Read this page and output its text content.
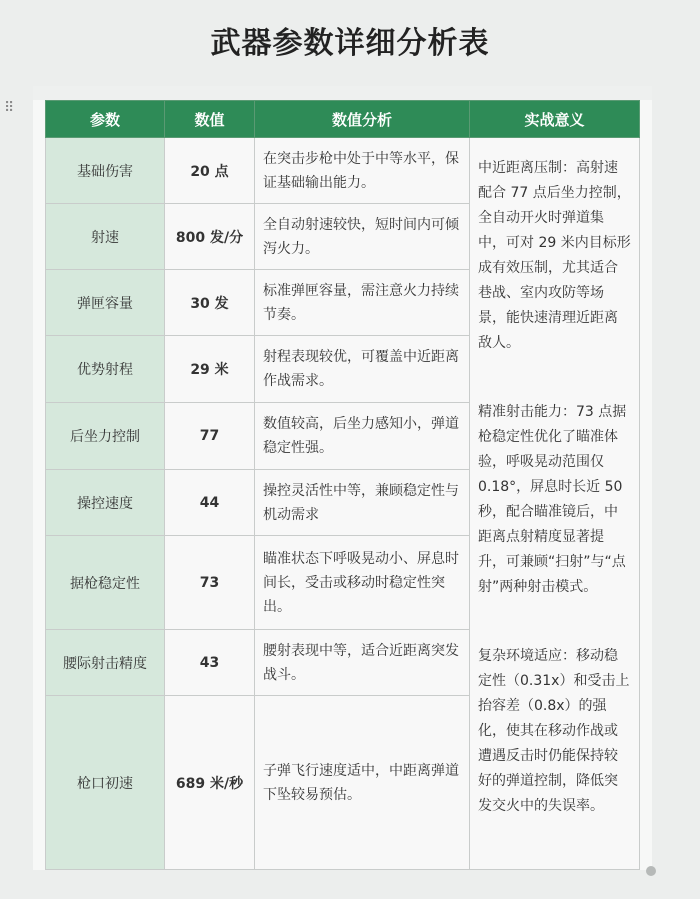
武器参数详细分析表
⠿
参数	数值	数值分析	实战意义
基础伤害	20 点	在突击步枪中处于中等水平，保证基础输出能力。	中近距离压制：高射速配合 77 点后坐力控制，全自动开火时弹道集中，可对 29 米内目标形成有效压制，尤其适合巷战、室内攻防等场景，能快速清理近距离敌人。

精准射击能力：73 点据枪稳定性优化了瞄准体验，呼吸晃动范围仅 0.18°，屏息时长近 50 秒，配合瞄准镜后，中距离点射精度显著提升，可兼顾“扫射”与“点射”两种射击模式。

复杂环境适应：移动稳定性（0.31x）和受击上抬容差（0.8x）的强化，使其在移动作战或遭遇反击时仍能保持较好的弹道控制，降低突发交火中的失误率。

射速	800 发/分	全自动射速较快，短时间内可倾泻火力。	
弹匣容量	30 发	标准弹匣容量，需注意火力持续节奏。	
优势射程	29 米	射程表现较优，可覆盖中近距离作战需求。	
后坐力控制	77	数值较高，后坐力感知小，弹道稳定性强。	
操控速度	44	操控灵活性中等，兼顾稳定性与机动需求	
据枪稳定性	73	瞄准状态下呼吸晃动小、屏息时间长，受击或移动时稳定性突出。	
腰际射击精度	43	腰射表现中等，适合近距离突发战斗。	
枪口初速	689 米/秒	子弹飞行速度适中，中距离弹道下坠较易预估。	
